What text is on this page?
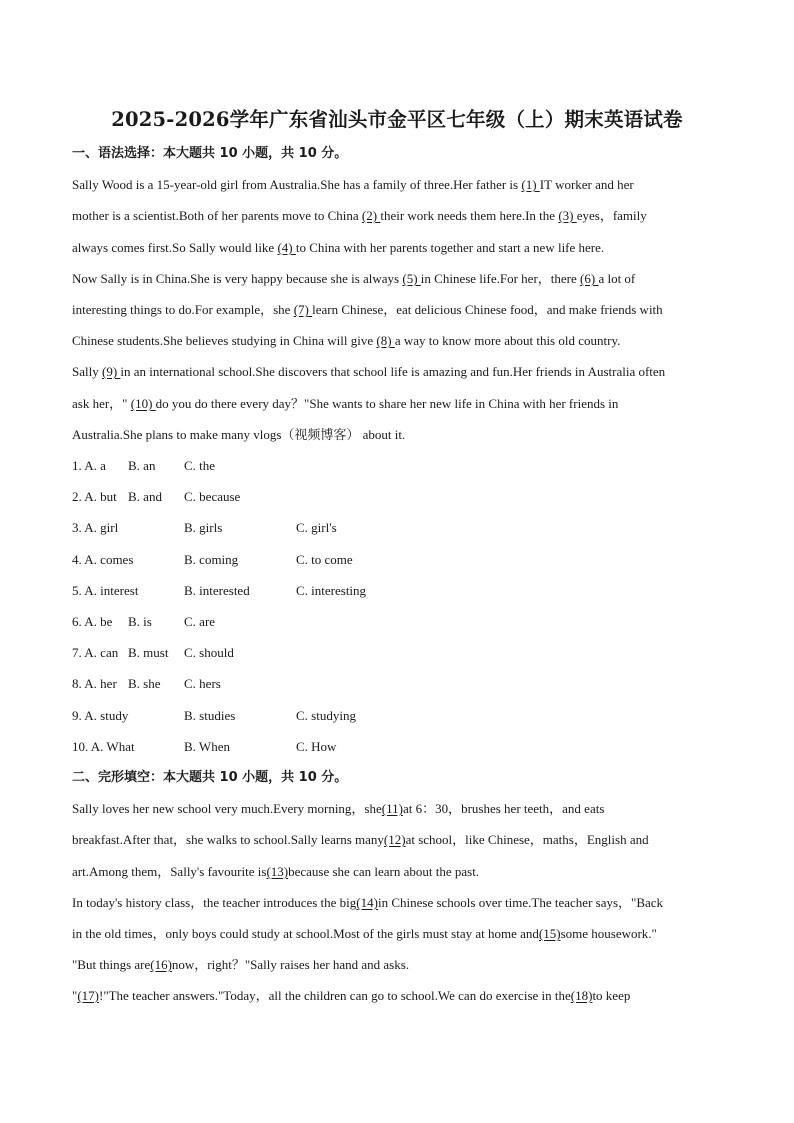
2025-2026学年广东省汕头市金平区七年级（上）期末英语试卷
一、语法选择：本大题共 10 小题，共 10 分。
Sally Wood is a 15-year-old girl from Australia.She has a family of three.Her father is (1) IT worker and her
mother is a scientist.Both of her parents move to China (2) their work needs them here.In the (3) eyes，family
always comes first.So Sally would like (4) to China with her parents together and start a new life here.
Now Sally is in China.She is very happy because she is always (5) in Chinese life.For her，there (6) a lot of
interesting things to do.For example，she (7) learn Chinese，eat delicious Chinese food，and make friends with
Chinese students.She believes studying in China will give (8) a way to know more about this old country.
Sally (9) in an international school.She discovers that school life is amazing and fun.Her friends in Australia often
ask her，" (10) do you do there every day？"She wants to share her new life in China with her friends in
Australia.She plans to make many vlogs（视频博客） about it.
1. A. a B. an C. the
2. A. but B. and C. because
3. A. girl	B. girls	C. girl's
4. A. comes	B. coming	C. to come
5. A. interest	B. interested	C. interesting
6. A. be B. is C. are
7. A. can B. must C. should
8. A. her B. she C. hers
9. A. study	B. studies	C. studying
10. A. What	B. When	C. How
二、完形填空：本大题共 10 小题，共 10 分。
Sally loves her new school very much.Every morning，she(11)at 6：30，brushes her teeth，and eats
breakfast.After that，she walks to school.Sally learns many(12)at school，like Chinese，maths，English and
art.Among them，Sally's favourite is(13)because she can learn about the past.
In today's history class，the teacher introduces the big(14)in Chinese schools over time.The teacher says，"Back
in the old times，only boys could study at school.Most of the girls must stay at home and(15)some housework."
"But things are(16)now，right？"Sally raises her hand and asks.
"(17)!"The teacher answers."Today，all the children can go to school.We can do exercise in the(18)to keep
